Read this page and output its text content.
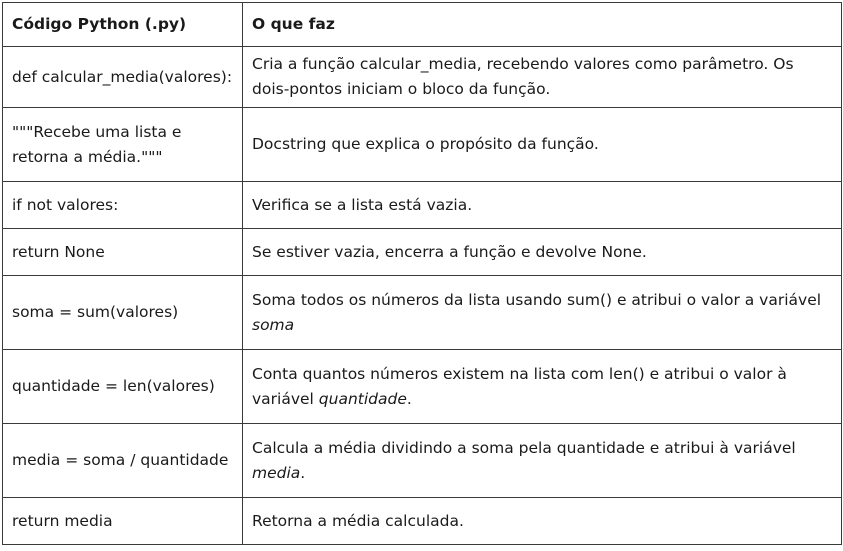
Código Python (.py)	O que faz
def calcular_media(valores):	Cria a função calcular_media, recebendo valores como parâmetro. Os dois-pontos iniciam o bloco da função.
"""Recebe uma lista e retorna a média."""	Docstring que explica o propósito da função.
if not valores:	Verifica se a lista está vazia.
return None	Se estiver vazia, encerra a função e devolve None.
soma = sum(valores)	Soma todos os números da lista usando sum() e atribui o valor a variável soma
quantidade = len(valores)	Conta quantos números existem na lista com len() e atribui o valor à variável quantidade.
media = soma / quantidade	Calcula a média dividindo a soma pela quantidade e atribui à variável media.
return media	Retorna a média calculada.
